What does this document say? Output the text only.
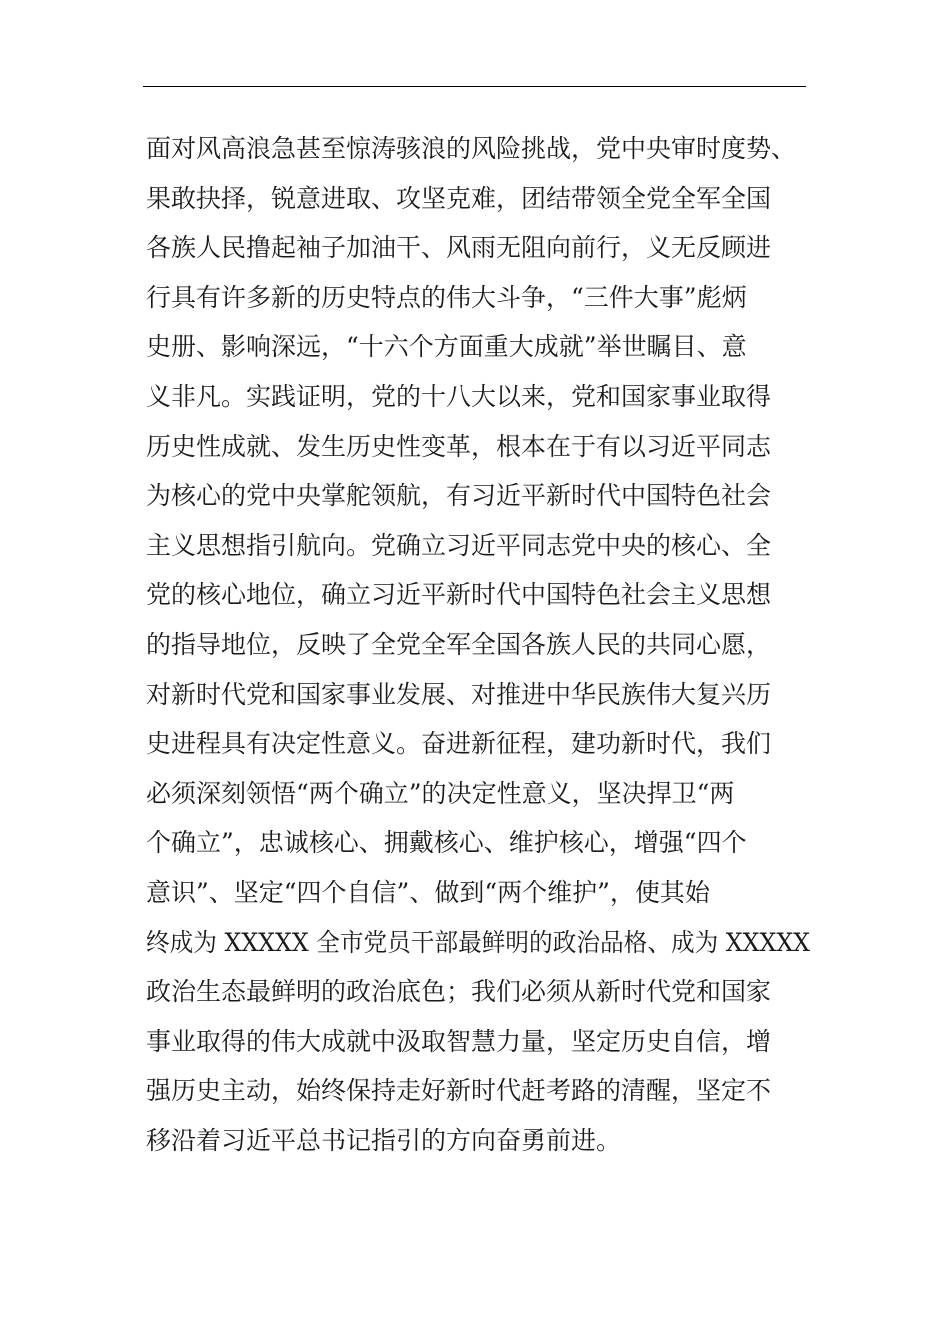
面对风高浪急甚至惊涛骇浪的风险挑战，党中央审时度势、
果敢抉择，锐意进取、攻坚克难，团结带领全党全军全国
各族人民撸起袖子加油干、风雨无阻向前行，义无反顾进
行具有许多新的历史特点的伟大斗争，“三件大事”彪炳
史册、影响深远，“十六个方面重大成就”举世瞩目、意
义非凡。实践证明，党的十八大以来，党和国家事业取得
历史性成就、发生历史性变革，根本在于有以习近平同志
为核心的党中央掌舵领航，有习近平新时代中国特色社会
主义思想指引航向。党确立习近平同志党中央的核心、全
党的核心地位，确立习近平新时代中国特色社会主义思想
的指导地位，反映了全党全军全国各族人民的共同心愿，
对新时代党和国家事业发展、对推进中华民族伟大复兴历
史进程具有决定性意义。奋进新征程，建功新时代，我们
必须深刻领悟“两个确立”的决定性意义，坚决捍卫“两
个确立”，忠诚核心、拥戴核心、维护核心，增强“四个
意识”、坚定“四个自信”、做到“两个维护”，使其始
终成为 XXXXX 全市党员干部最鲜明的政治品格、成为 XXXXX
政治生态最鲜明的政治底色；我们必须从新时代党和国家
事业取得的伟大成就中汲取智慧力量，坚定历史自信，增
强历史主动，始终保持走好新时代赶考路的清醒，坚定不
移沿着习近平总书记指引的方向奋勇前进。
